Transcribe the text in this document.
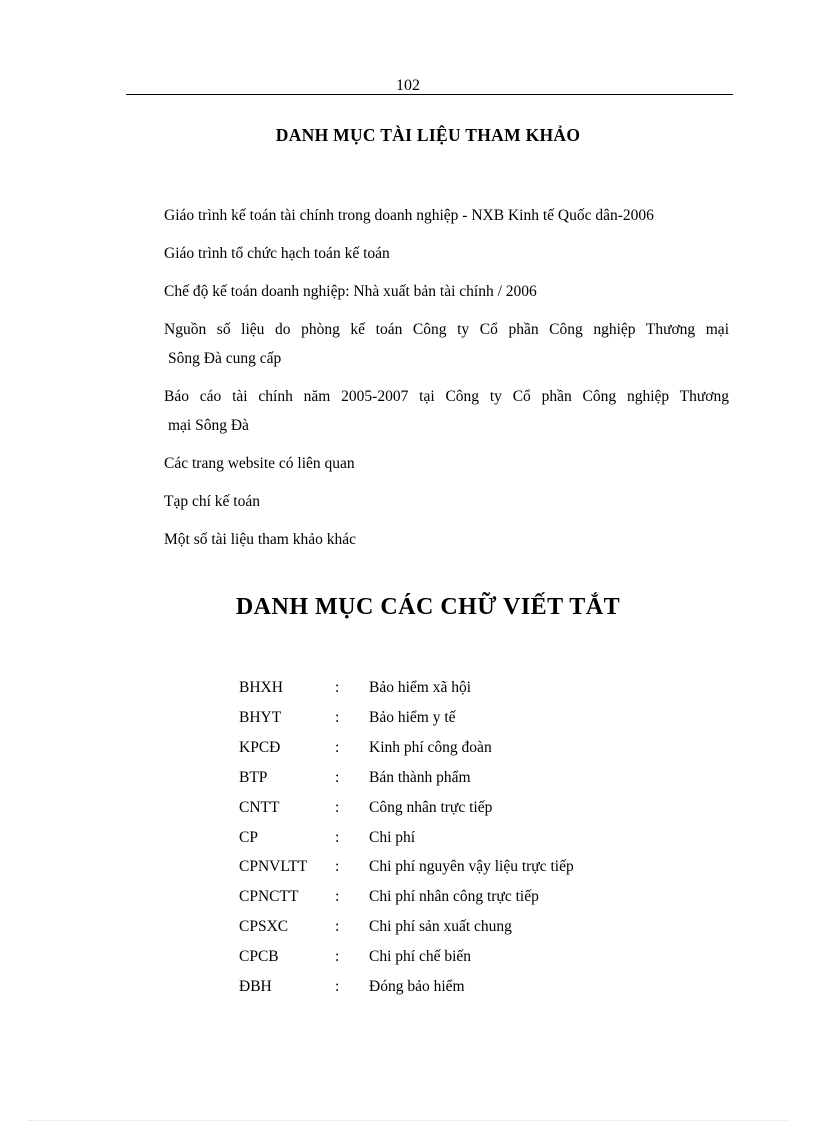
102
DANH MỤC TÀI LIỆU THAM KHẢO
Giáo trình kế toán tài chính trong doanh nghiệp - NXB Kinh tế Quốc dân-2006
Giáo trình tổ chức hạch toán kế toán
Chế độ kế toán doanh nghiệp: Nhà xuất bản tài chính / 2006
Nguồn số liệu do phòng kế toán Công ty Cổ phần Công nghiệp Thương mại
Sông Đà cung cấp
Báo cáo tài chính năm 2005-2007 tại Công ty Cổ phần Công nghiệp Thương
mại Sông Đà
Các trang website có liên quan
Tạp chí kế toán
Một số tài liệu tham khảo khác
DANH MỤC CÁC CHỮ VIẾT TẮT
BHXH	:	Bảo hiểm xã hội
BHYT	:	Bảo hiểm y tế
KPCĐ	:	Kinh phí công đoàn
BTP	:	Bán thành phẩm
CNTT	:	Công nhân trực tiếp
CP	:	Chi phí
CPNVLTT	:	Chi phí nguyên vậy liệu trực tiếp
CPNCTT	:	Chi phí nhân công trực tiếp
CPSXC	:	Chi phí sản xuất chung
CPCB	:	Chi phí chế biến
ĐBH	:	Đóng bảo hiểm
